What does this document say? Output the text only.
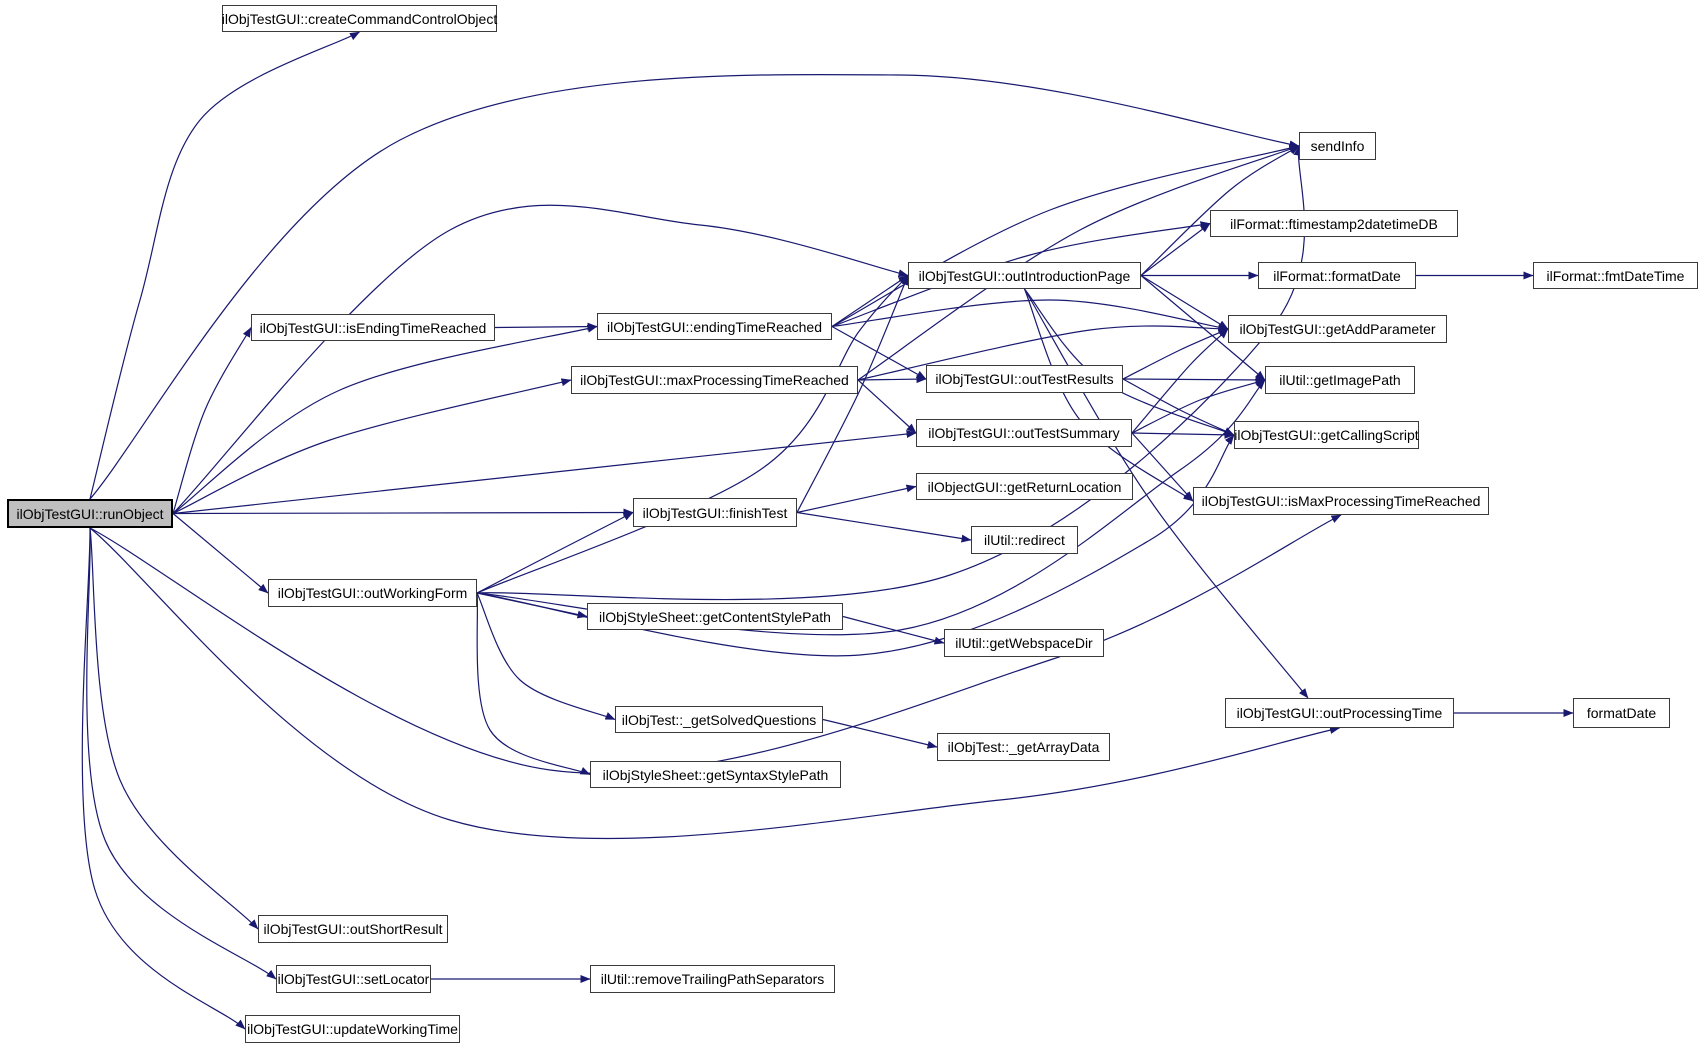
ilObjTestGUI::createCommandControlObject
sendInfo
ilFormat::ftimestamp2datetimeDB
ilObjTestGUI::outIntroductionPage	ilFormat::formatDate	ilFormat::fmtDateTime
ilObjTestGUI::isEndingTimeReached	ilObjTestGUI::endingTimeReached	ilObjTestGUI::getAddParameter
ilObjTestGUI::maxProcessingTimeReached	ilObjTestGUI::outTestResults	ilUtil::getImagePath
ilObjTestGUI::outTestSummary	ilObjTestGUI::getCallingScript
ilObjectGUI::getReturnLocation
ilObjTestGUI::isMaxProcessingTimeReached
ilObjTestGUI::runObject	ilObjTestGUI::finishTest
ilUtil::redirect
ilObjTestGUI::outWorkingForm
ilObjStyleSheet::getContentStylePath
ilUtil::getWebspaceDir
ilObjTestGUI::outProcessingTime	formatDate
ilObjTest::_getSolvedQuestions
ilObjTest::_getArrayData
ilObjStyleSheet::getSyntaxStylePath
ilObjTestGUI::outShortResult
ilObjTestGUI::setLocator	ilUtil::removeTrailingPathSeparators
ilObjTestGUI::updateWorkingTime
